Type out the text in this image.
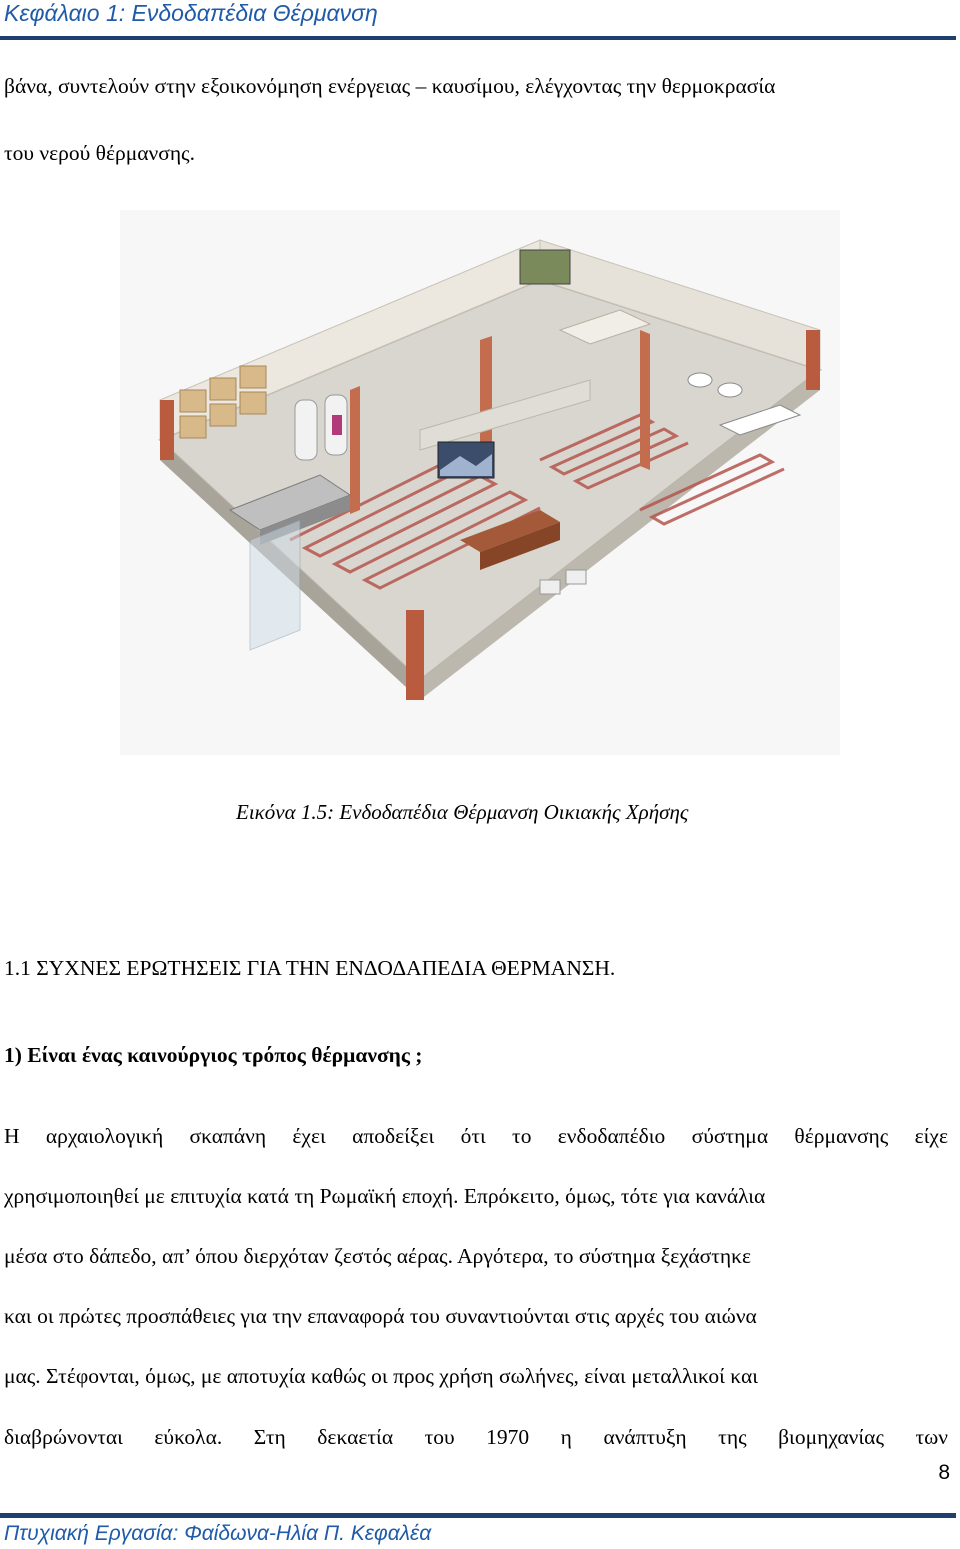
Κεφάλαιο 1: Ενδοδαπέδια Θέρμανση
βάνα, συντελούν στην εξοικονόμηση ενέργειας – καυσίμου, ελέγχοντας την θερμοκρασία
του νερού θέρμανσης.
Εικόνα 1.5: Ενδοδαπέδια Θέρμανση Οικιακής Χρήσης
1.1 ΣΥΧΝΕΣ ΕΡΩΤΗΣΕΙΣ ΓΙΑ ΤΗΝ ΕΝΔΟΔΑΠΕΔΙΑ ΘΕΡΜΑΝΣΗ.
1) Είναι ένας καινούργιος τρόπος θέρμανσης ;
Η αρχαιολογική σκαπάνη έχει αποδείξει ότι το ενδοδαπέδιο σύστημα θέρμανσης είχε
χρησιμοποιηθεί με επιτυχία κατά τη Ρωμαϊκή εποχή. Επρόκειτο, όμως, τότε για κανάλια
μέσα στο δάπεδο, απ’ όπου διερχόταν ζεστός αέρας. Αργότερα, το σύστημα ξεχάστηκε
και οι πρώτες προσπάθειες για την επαναφορά του συναντιούνται στις αρχές του αιώνα
μας. Στέφονται, όμως, με αποτυχία καθώς οι προς χρήση σωλήνες, είναι μεταλλικοί και
διαβρώνονται εύκολα. Στη δεκαετία του 1970 η ανάπτυξη της βιομηχανίας των
8
Πτυχιακή Εργασία: Φαίδωνα-Ηλία Π. Κεφαλέα
